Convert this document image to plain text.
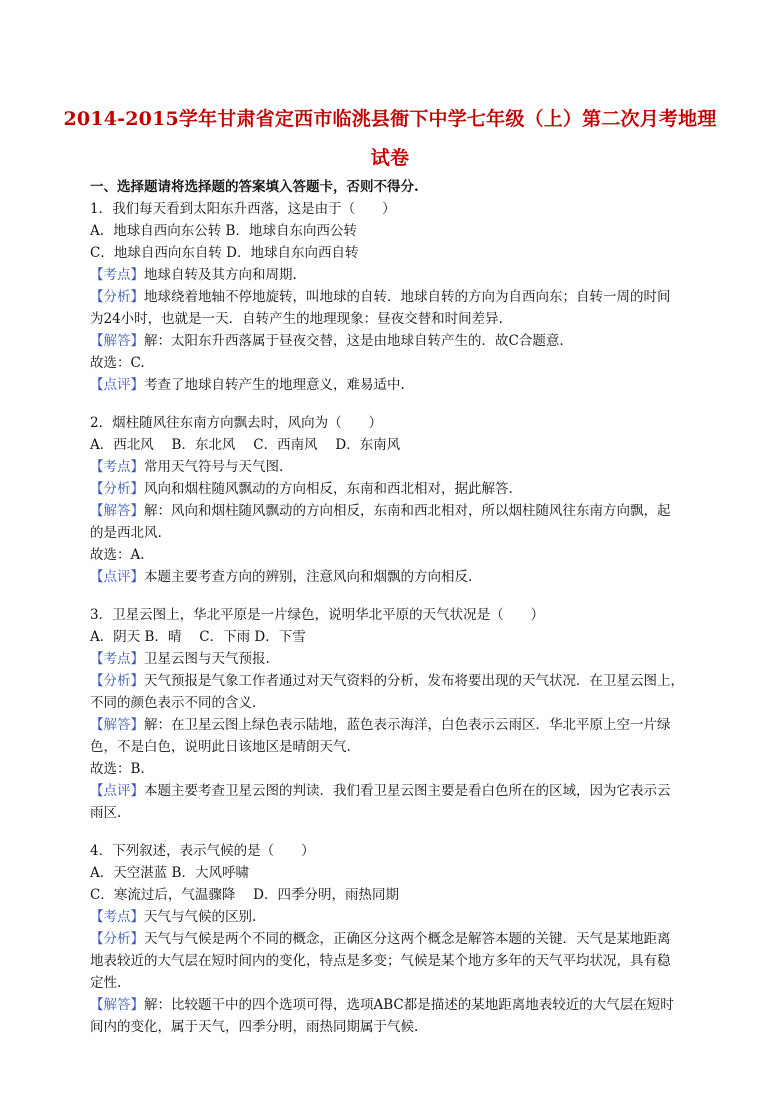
2014-2015学年甘肃省定西市临洮县衙下中学七年级（上）第二次月考地理
试卷
一、选择题请将选择题的答案填入答题卡，否则不得分.
1．我们每天看到太阳东升西落，这是由于（　　）
A．地球自西向东公转 B．地球自东向西公转
C．地球自西向东自转 D．地球自东向西自转
【考点】地球自转及其方向和周期.
【分析】地球绕着地轴不停地旋转，叫地球的自转．地球自转的方向为自西向东；自转一周的时间
为24小时，也就是一天．自转产生的地理现象：昼夜交替和时间差异.
【解答】解：太阳东升西落属于昼夜交替，这是由地球自转产生的．故C合题意.
故选：C.
【点评】考查了地球自转产生的地理意义，难易适中.
2．烟柱随风往东南方向飘去时，风向为（　　）
A．西北风　 B．东北风　 C．西南风　 D．东南风
【考点】常用天气符号与天气图.
【分析】风向和烟柱随风飘动的方向相反，东南和西北相对，据此解答.
【解答】解：风向和烟柱随风飘动的方向相反，东南和西北相对，所以烟柱随风往东南方向飘，起
的是西北风.
故选：A.
【点评】本题主要考查方向的辨别，注意风向和烟飘的方向相反.
3．卫星云图上，华北平原是一片绿色，说明华北平原的天气状况是（　　）
A．阴天 B．晴　 C．下雨 D．下雪
【考点】卫星云图与天气预报.
【分析】天气预报是气象工作者通过对天气资料的分析，发布将要出现的天气状况．在卫星云图上，
不同的颜色表示不同的含义.
【解答】解：在卫星云图上绿色表示陆地，蓝色表示海洋，白色表示云雨区．华北平原上空一片绿
色，不是白色，说明此日该地区是晴朗天气.
故选：B.
【点评】本题主要考查卫星云图的判读．我们看卫星云图主要是看白色所在的区域，因为它表示云
雨区.
4．下列叙述，表示气候的是（　　）
A．天空湛蓝 B．大风呼啸
C．寒流过后，气温骤降　 D．四季分明，雨热同期
【考点】天气与气候的区别.
【分析】天气与气候是两个不同的概念，正确区分这两个概念是解答本题的关键．天气是某地距离
地表较近的大气层在短时间内的变化，特点是多变；气候是某个地方多年的天气平均状况，具有稳
定性.
【解答】解：比较题干中的四个选项可得，选项ABC都是描述的某地距离地表较近的大气层在短时
间内的变化，属于天气，四季分明，雨热同期属于气候.
